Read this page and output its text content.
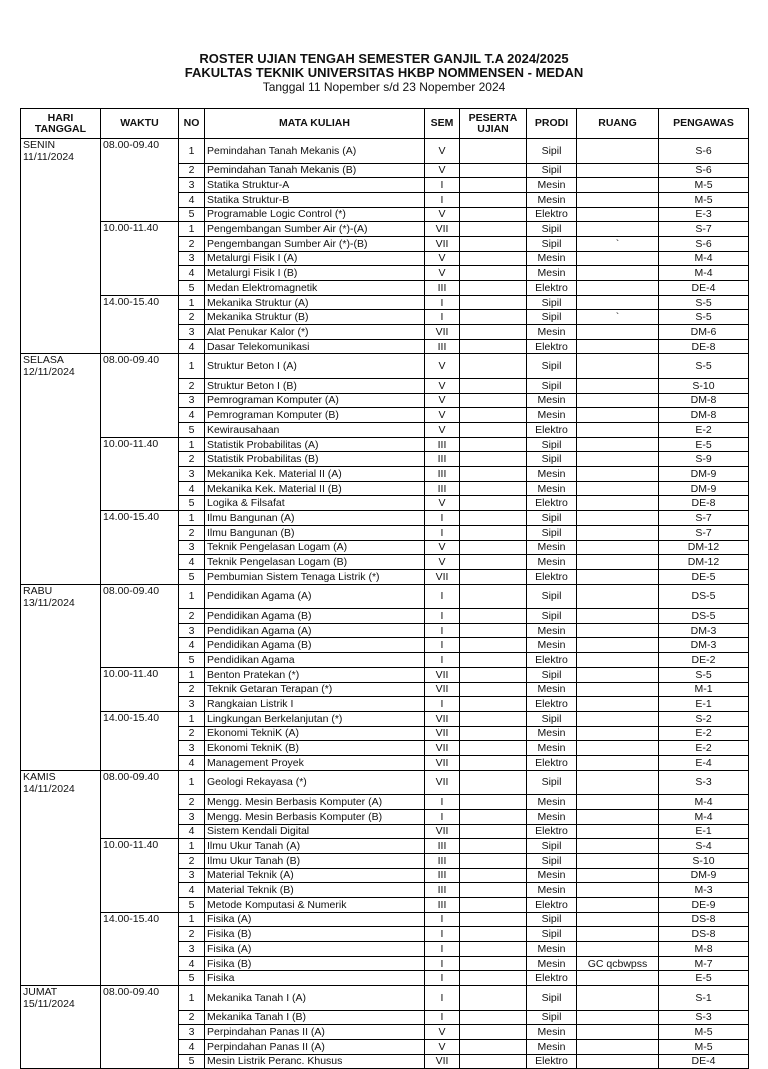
ROSTER UJIAN TENGAH SEMESTER GANJIL T.A 2024/2025
FAKULTAS TEKNIK UNIVERSITAS HKBP NOMMENSEN - MEDAN
Tanggal 11 Nopember s/d 23 Nopember 2024
HARI TANGGAL	WAKTU	NO	MATA KULIAH	SEM	PESERTA UJIAN	PRODI	RUANG	PENGAWAS

SENIN
11/11/2024	08.00-09.40	1	Pemindahan Tanah Mekanis (A)	V		Sipil		S-6
		2	Pemindahan Tanah Mekanis (B)	V		Sipil		S-6
		3	Statika Struktur-A	I		Mesin		M-5
		4	Statika Struktur-B	I		Mesin		M-5
		5	Programable Logic Control (*)	V		Elektro		E-3
	10.00-11.40	1	Pengembangan Sumber Air (*)-(A)	VII		Sipil		S-7
		2	Pengembangan Sumber Air (*)-(B)	VII		Sipil	`	S-6
		3	Metalurgi Fisik I (A)	V		Mesin		M-4
		4	Metalurgi Fisik I (B)	V		Mesin		M-4
		5	Medan Elektromagnetik	III		Elektro		DE-4
	14.00-15.40	1	Mekanika Struktur (A)	I		Sipil		S-5
		2	Mekanika Struktur (B)	I		Sipil	`	S-5
		3	Alat Penukar Kalor (*)	VII		Mesin		DM-6
		4	Dasar Telekomunikasi	III		Elektro		DE-8

SELASA
12/11/2024	08.00-09.40	1	Struktur Beton I (A)	V		Sipil		S-5
		2	Struktur Beton I (B)	V		Sipil		S-10
		3	Pemrograman Komputer (A)	V		Mesin		DM-8
		4	Pemrograman Komputer (B)	V		Mesin		DM-8
		5	Kewirausahaan	V		Elektro		E-2
	10.00-11.40	1	Statistik Probabilitas (A)	III		Sipil		E-5
		2	Statistik Probabilitas (B)	III		Sipil		S-9
		3	Mekanika Kek. Material II (A)	III		Mesin		DM-9
		4	Mekanika Kek. Material II (B)	III		Mesin		DM-9
		5	Logika & Filsafat	V		Elektro		DE-8
	14.00-15.40	1	Ilmu Bangunan (A)	I		Sipil		S-7
		2	Ilmu Bangunan (B)	I		Sipil		S-7
		3	Teknik Pengelasan Logam (A)	V		Mesin		DM-12
		4	Teknik Pengelasan Logam (B)	V		Mesin		DM-12
		5	Pembumian Sistem Tenaga Listrik (*)	VII		Elektro		DE-5

RABU
13/11/2024	08.00-09.40	1	Pendidikan Agama (A)	I		Sipil		DS-5
		2	Pendidikan Agama (B)	I		Sipil		DS-5
		3	Pendidikan Agama (A)	I		Mesin		DM-3
		4	Pendidikan Agama (B)	I		Mesin		DM-3
		5	Pendidikan Agama	I		Elektro		DE-2
	10.00-11.40	1	Benton Pratekan (*)	VII		Sipil		S-5
		2	Teknik Getaran Terapan (*)	VII		Mesin		M-1
		3	Rangkaian Listrik I	I		Elektro		E-1
	14.00-15.40	1	Lingkungan Berkelanjutan (*)	VII		Sipil		S-2
		2	Ekonomi TekniK (A)	VII		Mesin		E-2
		3	Ekonomi TekniK (B)	VII		Mesin		E-2
		4	Management Proyek	VII		Elektro		E-4

KAMIS
14/11/2024	08.00-09.40	1	Geologi Rekayasa (*)	VII		Sipil		S-3
		2	Mengg. Mesin Berbasis Komputer (A)	I		Mesin		M-4
		3	Mengg. Mesin Berbasis Komputer (B)	I		Mesin		M-4
		4	Sistem Kendali Digital	VII		Elektro		E-1
	10.00-11.40	1	Ilmu Ukur Tanah (A)	III		Sipil		S-4
		2	Ilmu Ukur Tanah (B)	III		Sipil		S-10
		3	Material Teknik (A)	III		Mesin		DM-9
		4	Material Teknik (B)	III		Mesin		M-3
		5	Metode Komputasi & Numerik	III		Elektro		DE-9
	14.00-15.40	1	Fisika (A)	I		Sipil		DS-8
		2	Fisika (B)	I		Sipil		DS-8
		3	Fisika (A)	I		Mesin		M-8
		4	Fisika (B)	I		Mesin	GC qcbwpss	M-7
		5	Fisika	I		Elektro		E-5

JUMAT
15/11/2024	08.00-09.40	1	Mekanika Tanah I (A)	I		Sipil		S-1
		2	Mekanika Tanah I (B)	I		Sipil		S-3
		3	Perpindahan Panas II (A)	V		Mesin		M-5
		4	Perpindahan Panas II (A)	V		Mesin		M-5
		5	Mesin Listrik Peranc. Khusus	VII		Elektro		DE-4
